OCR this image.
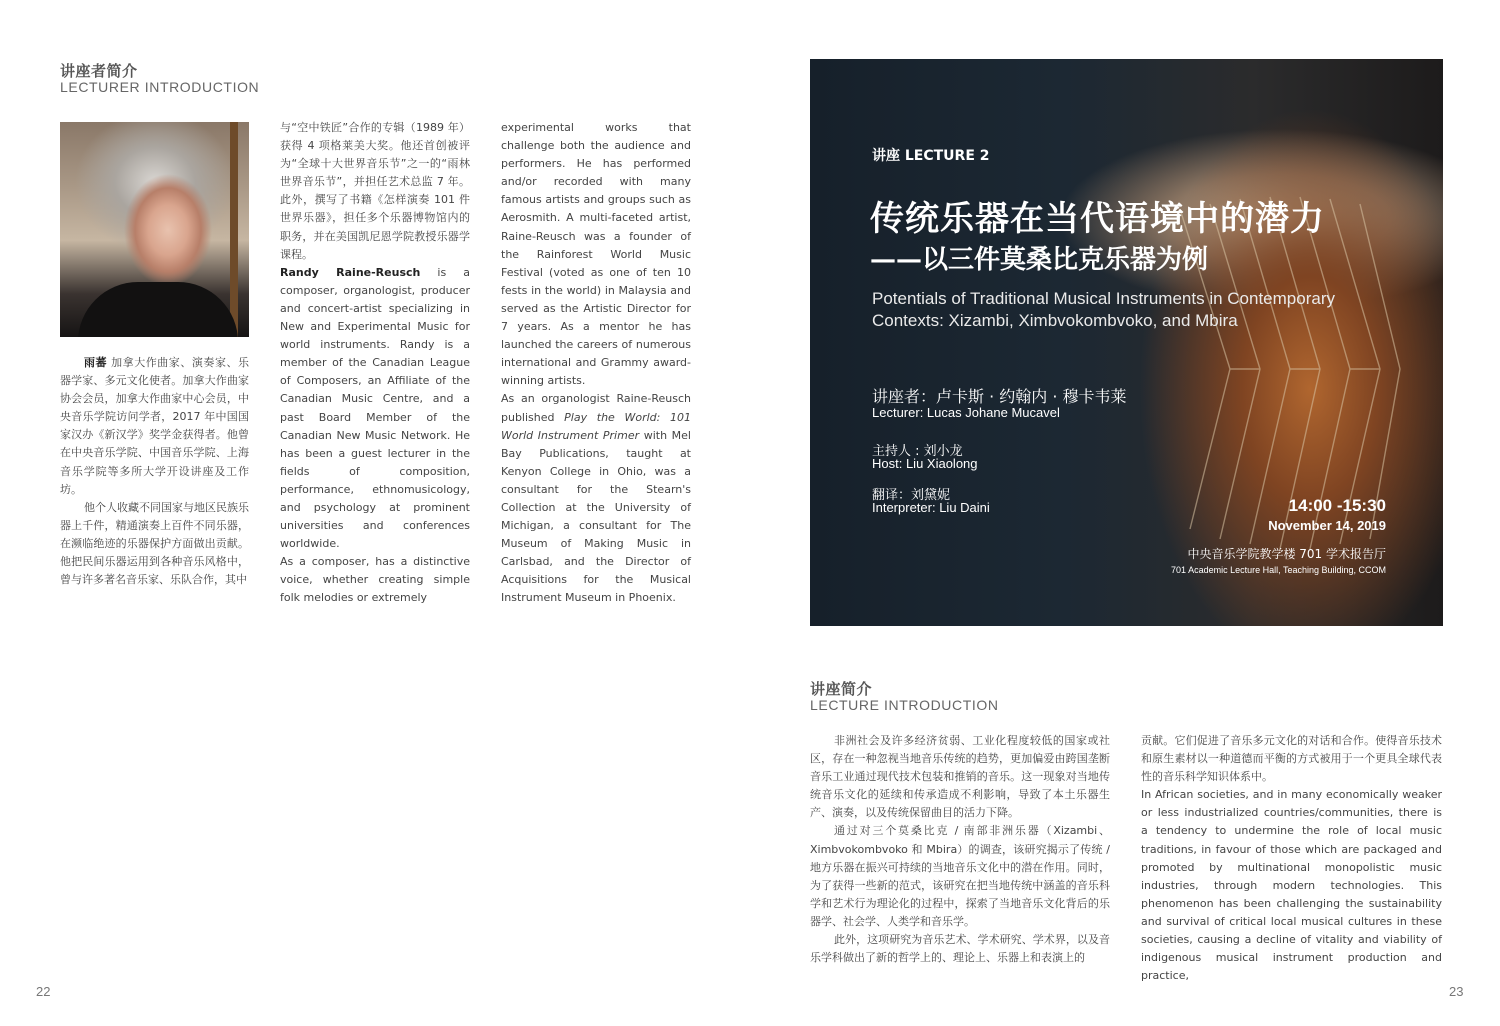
讲座者简介
LECTURER INTRODUCTION

雨蕃 加拿大作曲家、演奏家、乐器学家、多元文化使者。加拿大作曲家协会会员，加拿大作曲家中心会员，中央音乐学院访问学者，2017 年中国国家汉办《新汉学》奖学金获得者。他曾在中央音乐学院、中国音乐学院、上海音乐学院等多所大学开设讲座及工作坊。

他个人收藏不同国家与地区民族乐器上千件，精通演奏上百件不同乐器，在濒临绝迹的乐器保护方面做出贡献。他把民间乐器运用到各种音乐风格中，曾与许多著名音乐家、乐队合作，其中

与“空中铁匠”合作的专辑（1989 年）获得 4 项格莱美大奖。他还首创被评为“全球十大世界音乐节”之一的“雨林世界音乐节”，并担任艺术总监 7 年。此外，撰写了书籍《怎样演奏 101 件世界乐器》，担任多个乐器博物馆内的职务，并在美国凯尼恩学院教授乐器学课程。

Randy Raine-Reusch is a composer, organologist, producer and concert-artist specializing in New and Experimental Music for world instruments. Randy is a member of the Canadian League of Composers, an Affiliate of the Canadian Music Centre, and a past Board Member of the Canadian New Music Network. He has been a guest lecturer in the fields of composition, performance, ethnomusicology, and psychology at prominent universities and conferences worldwide.

As a composer, has a distinctive voice, whether creating simple folk melodies or extremely

experimental works that challenge both the audience and performers. He has performed and/or recorded with many famous artists and groups such as Aerosmith. A multi-faceted artist, Raine-Reusch was a founder of the Rainforest World Music Festival (voted as one of ten 10 fests in the world) in Malaysia and served as the Artistic Director for 7 years. As a mentor he has launched the careers of numerous international and Grammy award-winning artists.

As an organologist Raine-Reusch published Play the World: 101 World Instrument Primer with Mel Bay Publications, taught at Kenyon College in Ohio, was a consultant for the Stearn's Collection at the University of Michigan, a consultant for The Museum of Making Music in Carlsbad, and the Director of Acquisitions for the Musical Instrument Museum in Phoenix.

22
讲座 LECTURE 2
传统乐器在当代语境中的潜力
——以三件莫桑比克乐器为例
Potentials of Traditional Musical Instruments in Contemporary
Contexts: Xizambi, Ximbvokombvoko, and Mbira
讲座者：卢卡斯 · 约翰内 · 穆卡韦莱
Lecturer: Lucas Johane Mucavel
主持人 : 刘小龙
Host: Liu Xiaolong
翻译：刘黛妮
Interpreter: Liu Daini	14:00 -15:30
November 14, 2019
中央音乐学院教学楼 701 学术报告厅
701 Academic Lecture Hall, Teaching Building, CCOM
讲座简介
LECTURE INTRODUCTION

非洲社会及许多经济贫弱、工业化程度较低的国家或社区，存在一种忽视当地音乐传统的趋势，更加偏爱由跨国垄断音乐工业通过现代技术包装和推销的音乐。这一现象对当地传统音乐文化的延续和传承造成不利影响，导致了本土乐器生产、演奏，以及传统保留曲目的活力下降。

通过对三个莫桑比克 / 南部非洲乐器（Xizambi、Ximbvokombvoko 和 Mbira）的调查，该研究揭示了传统 / 地方乐器在振兴可持续的当地音乐文化中的潜在作用。同时，为了获得一些新的范式，该研究在把当地传统中涵盖的音乐科学和艺术行为理论化的过程中，探索了当地音乐文化背后的乐器学、社会学、人类学和音乐学。

此外，这项研究为音乐艺术、学术研究、学术界，以及音乐学科做出了新的哲学上的、理论上、乐器上和表演上的

贡献。它们促进了音乐多元文化的对话和合作。使得音乐技术和原生素材以一种道德而平衡的方式被用于一个更具全球代表性的音乐科学知识体系中。

In African societies, and in many economically weaker or less industrialized countries/communities, there is a tendency to undermine the role of local music traditions, in favour of those which are packaged and promoted by multinational monopolistic music industries, through modern technologies. This phenomenon has been challenging the sustainability and survival of critical local musical cultures in these societies, causing a decline of vitality and viability of indigenous musical instrument production and practice,

23
